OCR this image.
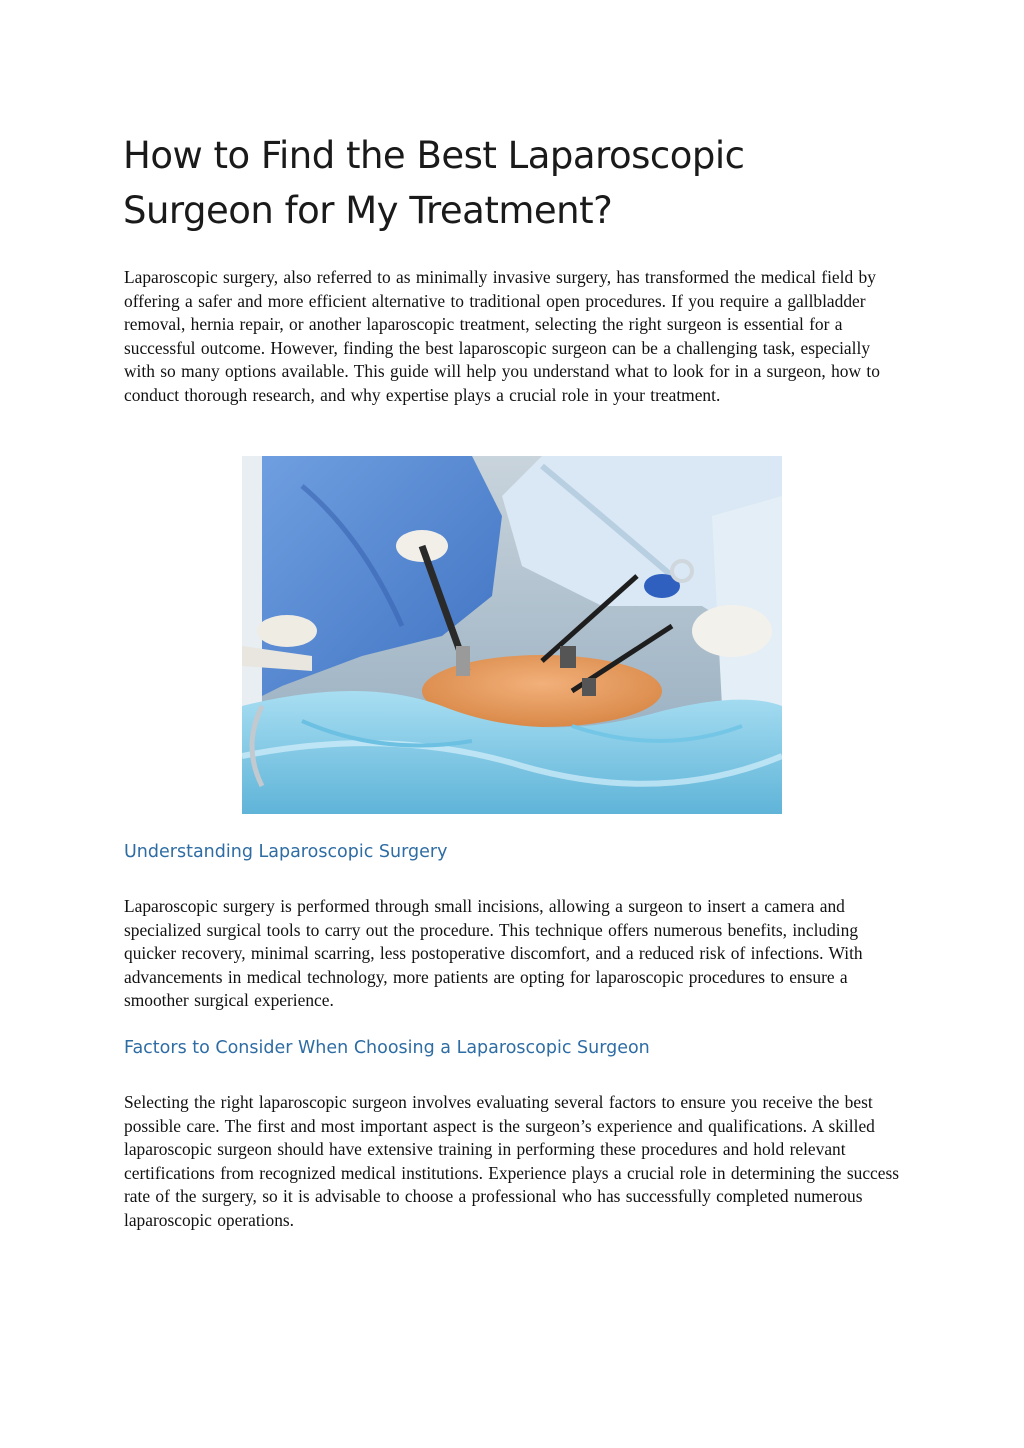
How to Find the Best Laparoscopic Surgeon for My Treatment?

Laparoscopic surgery, also referred to as minimally invasive surgery, has transformed the medical field by offering a safer and more efficient alternative to traditional open procedures. If you require a gallbladder removal, hernia repair, or another laparoscopic treatment, selecting the right surgeon is essential for a successful outcome. However, finding the best laparoscopic surgeon can be a challenging task, especially with so many options available. This guide will help you understand what to look for in a surgeon, how to conduct thorough research, and why expertise plays a crucial role in your treatment.

Understanding Laparoscopic Surgery

Laparoscopic surgery is performed through small incisions, allowing a surgeon to insert a camera and specialized surgical tools to carry out the procedure. This technique offers numerous benefits, including quicker recovery, minimal scarring, less postoperative discomfort, and a reduced risk of infections. With advancements in medical technology, more patients are opting for laparoscopic procedures to ensure a smoother surgical experience.

Factors to Consider When Choosing a Laparoscopic Surgeon

Selecting the right laparoscopic surgeon involves evaluating several factors to ensure you receive the best possible care. The first and most important aspect is the surgeon’s experience and qualifications. A skilled laparoscopic surgeon should have extensive training in performing these procedures and hold relevant certifications from recognized medical institutions. Experience plays a crucial role in determining the success rate of the surgery, so it is advisable to choose a professional who has successfully completed numerous laparoscopic operations.
